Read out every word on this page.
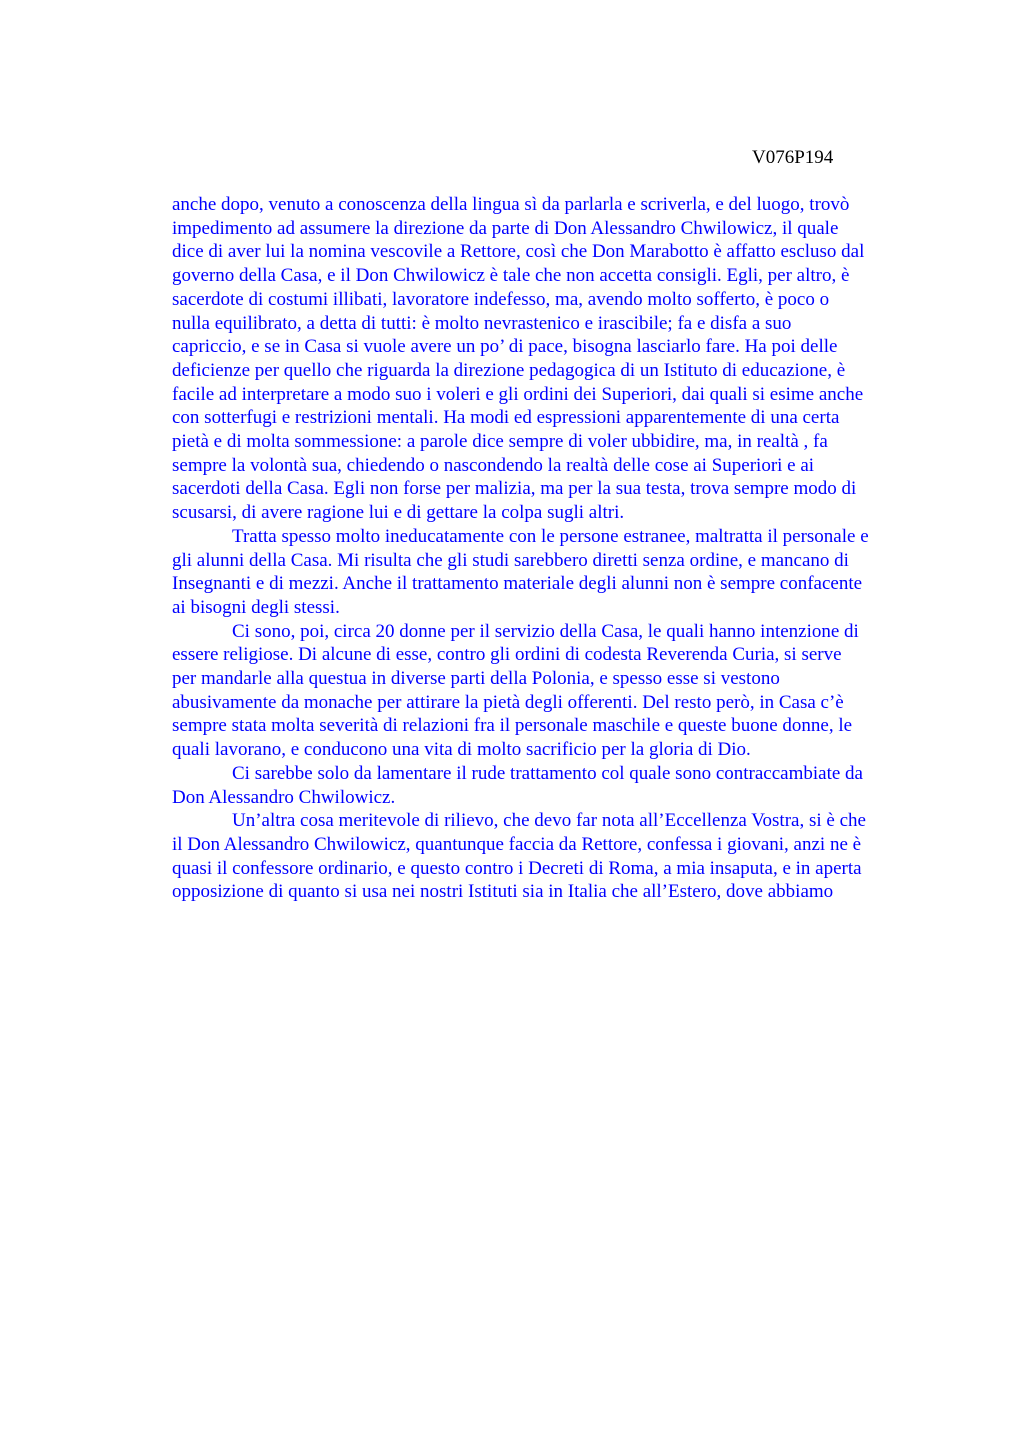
V076P194

anche dopo, venuto a conoscenza della lingua sì da parlarla e scriverla, e del luogo, trovò
impedimento ad assumere la direzione da parte di Don Alessandro Chwilowicz, il quale
dice di aver lui la nomina vescovile a Rettore, così che Don Marabotto è affatto escluso dal
governo della Casa, e il Don Chwilowicz è tale che non accetta consigli. Egli, per altro, è
sacerdote di costumi illibati, lavoratore indefesso, ma, avendo molto sofferto, è poco o
nulla equilibrato, a detta di tutti: è molto nevrastenico e irascibile; fa e disfa a suo
capriccio, e se in Casa si vuole avere un po’ di pace, bisogna lasciarlo fare. Ha poi delle
deficienze per quello che riguarda la direzione pedagogica di un Istituto di educazione, è
facile ad interpretare a modo suo i voleri e gli ordini dei Superiori, dai quali si esime anche
con sotterfugi e restrizioni mentali. Ha modi ed espressioni apparentemente di una certa
pietà e di molta sommessione: a parole dice sempre di voler ubbidire, ma, in realtà , fa
sempre la volontà sua, chiedendo o nascondendo la realtà delle cose ai Superiori e ai
sacerdoti della Casa. Egli non forse per malizia, ma per la sua testa, trova sempre modo di
scusarsi, di avere ragione lui e di gettare la colpa sugli altri.

Tratta spesso molto ineducatamente con le persone estranee, maltratta il personale e
gli alunni della Casa. Mi risulta che gli studi sarebbero diretti senza ordine, e mancano di
Insegnanti e di mezzi. Anche il trattamento materiale degli alunni non è sempre confacente
ai bisogni degli stessi.

Ci sono, poi, circa 20 donne per il servizio della Casa, le quali hanno intenzione di
essere religiose. Di alcune di esse, contro gli ordini di codesta Reverenda Curia, si serve
per mandarle alla questua in diverse parti della Polonia, e spesso esse si vestono
abusivamente da monache per attirare la pietà degli offerenti. Del resto però, in Casa c’è
sempre stata molta severità di relazioni fra il personale maschile e queste buone donne, le
quali lavorano, e conducono una vita di molto sacrificio per la gloria di Dio.

Ci sarebbe solo da lamentare il rude trattamento col quale sono contraccambiate da
Don Alessandro Chwilowicz.

Un’altra cosa meritevole di rilievo, che devo far nota all’Eccellenza Vostra, si è che
il Don Alessandro Chwilowicz, quantunque faccia da Rettore, confessa i giovani, anzi ne è
quasi il confessore ordinario, e questo contro i Decreti di Roma, a mia insaputa, e in aperta
opposizione di quanto si usa nei nostri Istituti sia in Italia che all’Estero, dove abbiamo
